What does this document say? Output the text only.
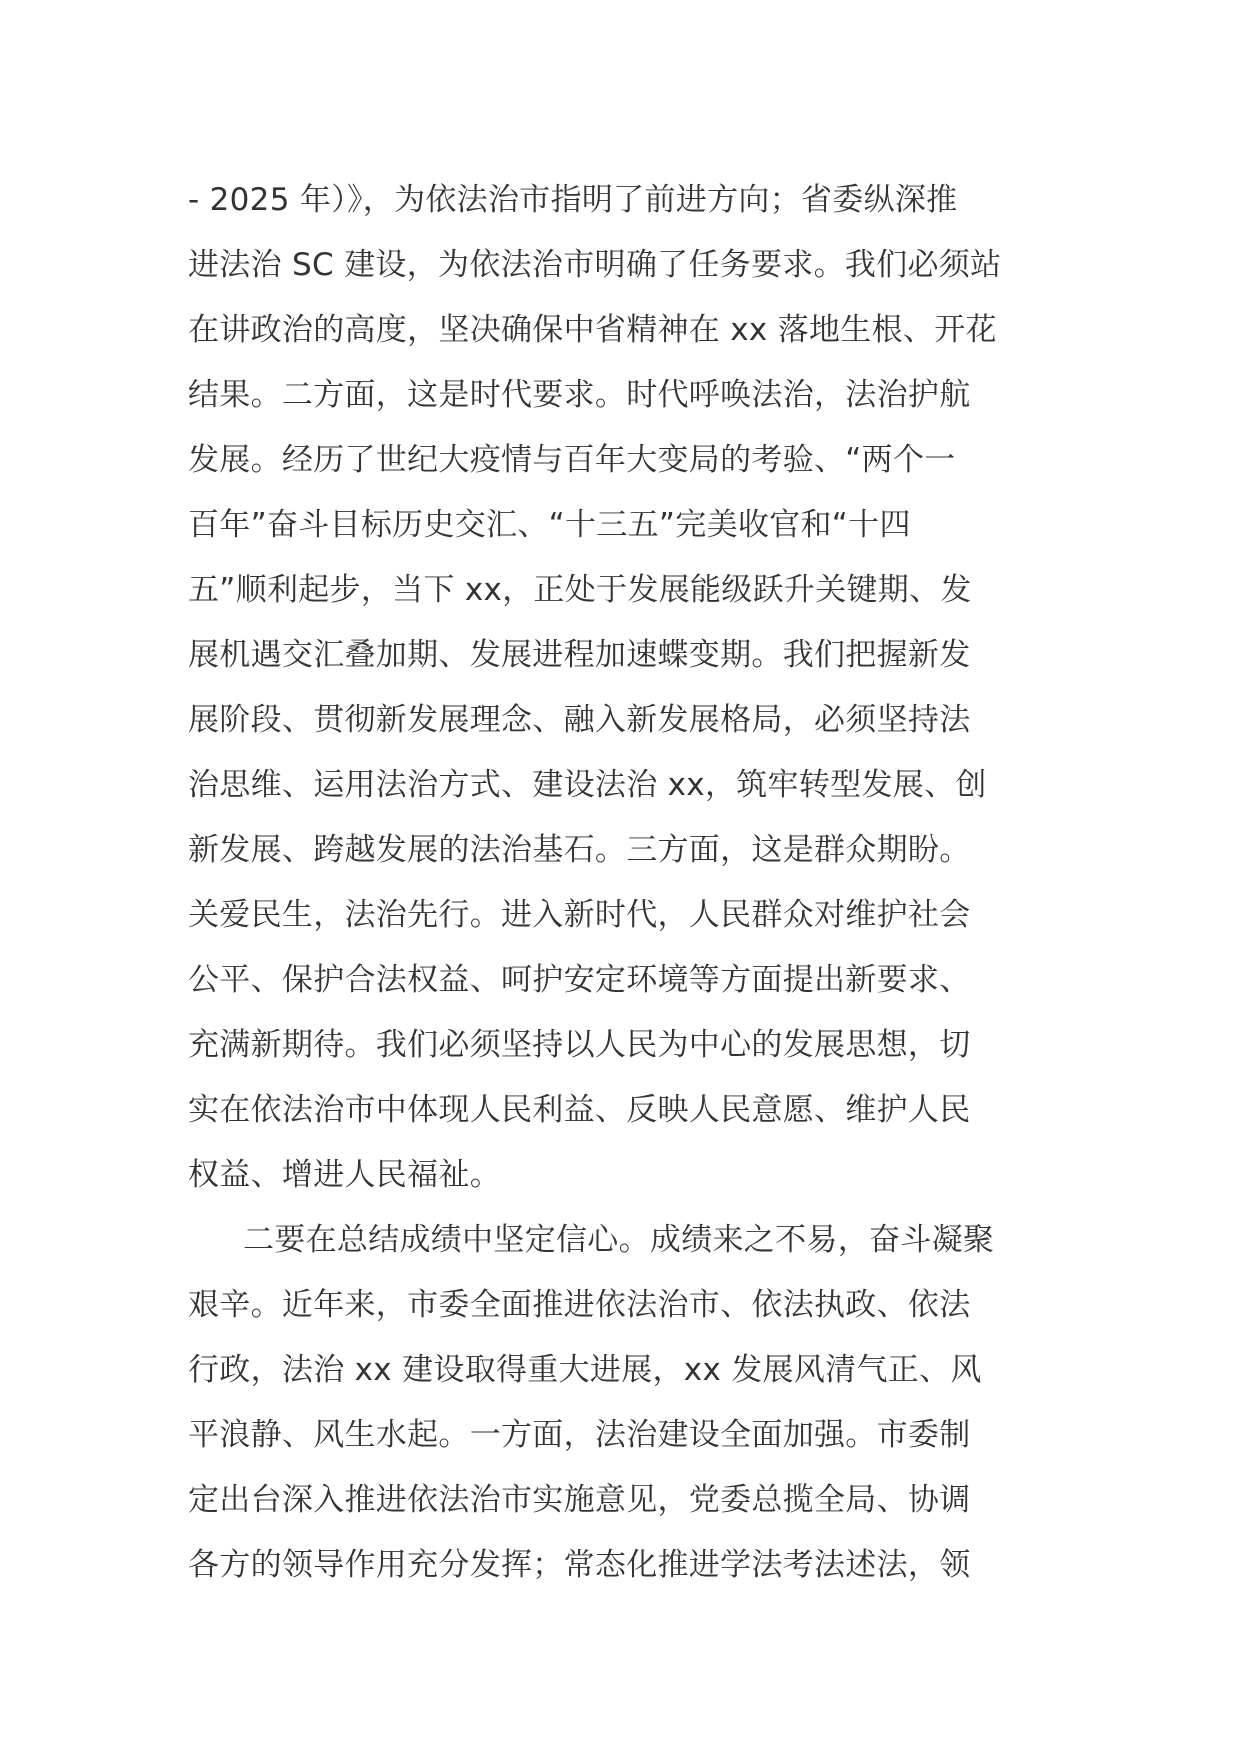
- 2025 年）》，为依法治市指明了前进方向；省委纵深推
进法治 SC 建设，为依法治市明确了任务要求。我们必须站
在讲政治的高度，坚决确保中省精神在 xx 落地生根、开花
结果。二方面，这是时代要求。时代呼唤法治，法治护航
发展。经历了世纪大疫情与百年大变局的考验、“两个一
百年”奋斗目标历史交汇、“十三五”完美收官和“十四
五”顺利起步，当下 xx，正处于发展能级跃升关键期、发
展机遇交汇叠加期、发展进程加速蝶变期。我们把握新发
展阶段、贯彻新发展理念、融入新发展格局，必须坚持法
治思维、运用法治方式、建设法治 xx，筑牢转型发展、创
新发展、跨越发展的法治基石。三方面，这是群众期盼。
关爱民生，法治先行。进入新时代，人民群众对维护社会
公平、保护合法权益、呵护安定环境等方面提出新要求、
充满新期待。我们必须坚持以人民为中心的发展思想，切
实在依法治市中体现人民利益、反映人民意愿、维护人民
权益、增进人民福祉。
二要在总结成绩中坚定信心。成绩来之不易，奋斗凝聚
艰辛。近年来，市委全面推进依法治市、依法执政、依法
行政，法治 xx 建设取得重大进展，xx 发展风清气正、风
平浪静、风生水起。一方面，法治建设全面加强。市委制
定出台深入推进依法治市实施意见，党委总揽全局、协调
各方的领导作用充分发挥；常态化推进学法考法述法，领
